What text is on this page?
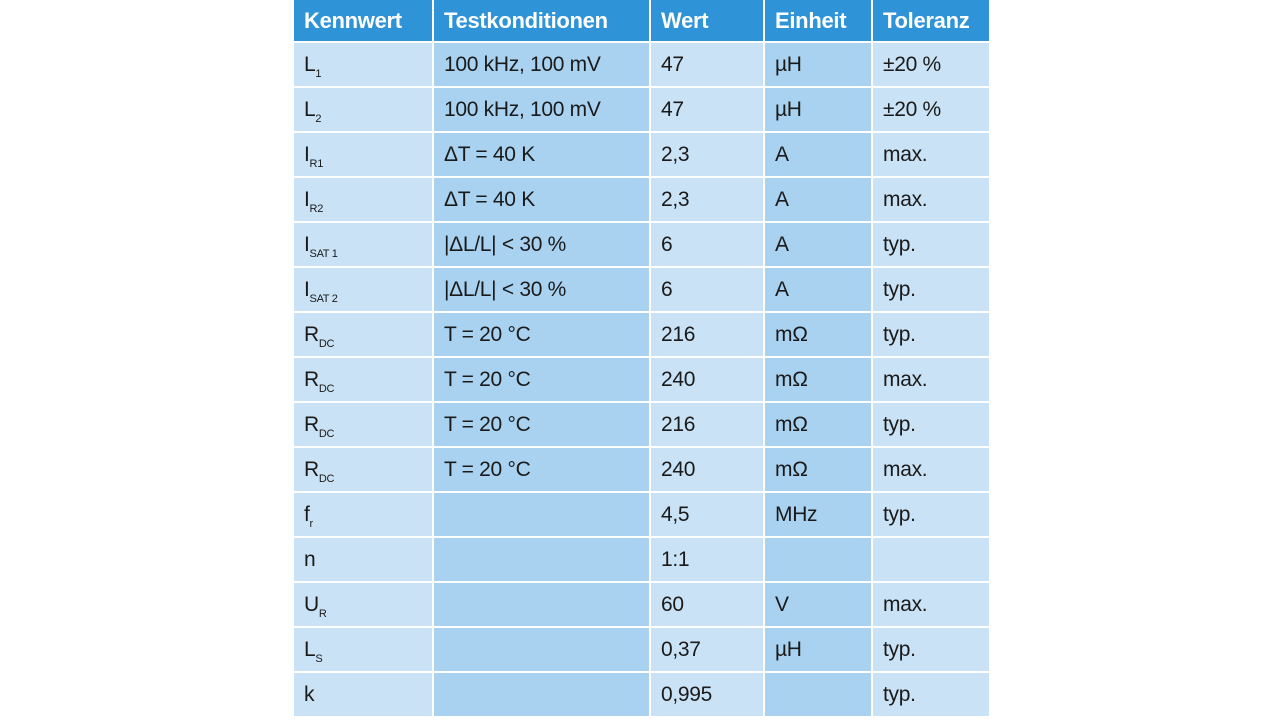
Kennwert	Testkonditionen	Wert	Einheit	Toleranz
$L_1$	100 kHz, 100 mV	47	µH	±20 %
$L_2$	100 kHz, 100 mV	47	µH	±20 %
$I_{R1}$	ΔT = 40 K	2,3	A	max.
$I_{R2}$	ΔT = 40 K	2,3	A	max.
$I_{SAT 1}$	|ΔL/L| < 30 %	6	A	typ.
$I_{SAT 2}$	|ΔL/L| < 30 %	6	A	typ.
$R_{DC}$	T = 20 °C	216	mΩ	typ.
$R_{DC}$	T = 20 °C	240	mΩ	max.
$R_{DC}$	T = 20 °C	216	mΩ	typ.
$R_{DC}$	T = 20 °C	240	mΩ	max.
$f_r$		4,5	MHz	typ.
n		1:1		
$U_R$		60	V	max.
$L_S$		0,37	µH	typ.
k		0,995		typ.
